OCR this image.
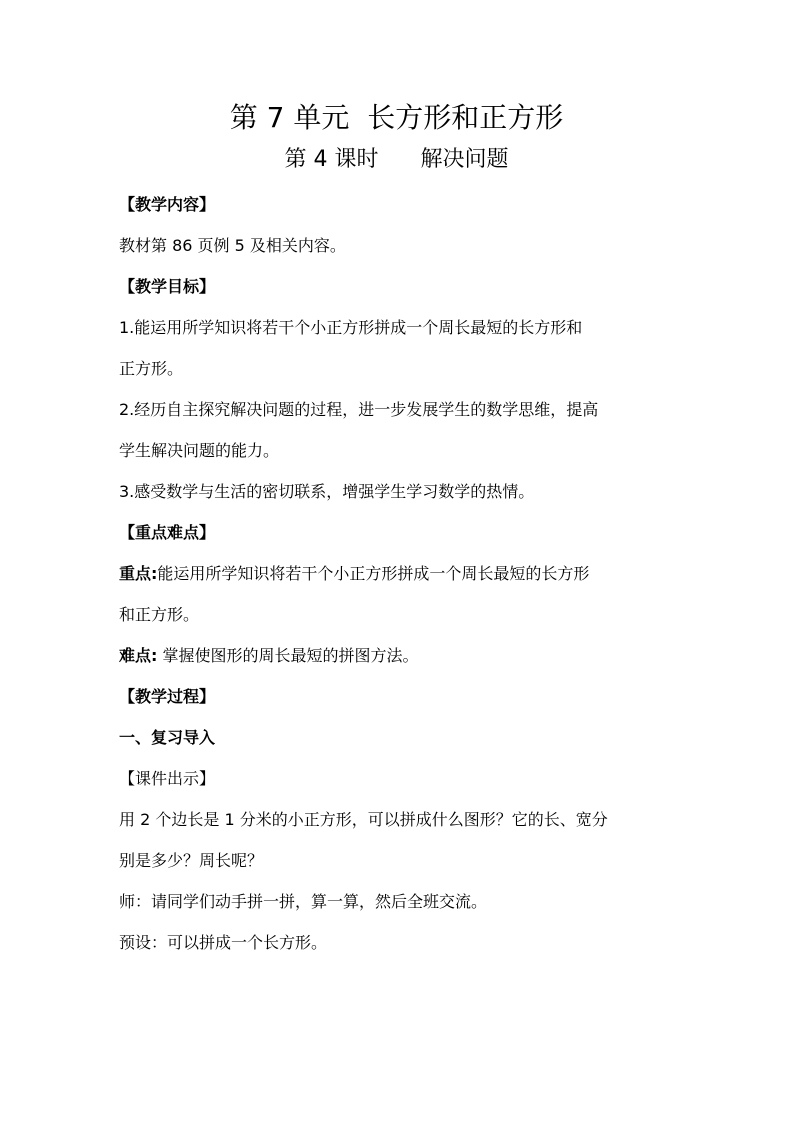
第 7 单元  长方形和正方形
第 4 课时      解决问题
【教学内容】
教材第 86 页例 5 及相关内容。
【教学目标】
1.能运用所学知识将若干个小正方形拼成一个周长最短的长方形和
正方形。
2.经历自主探究解决问题的过程，进一步发展学生的数学思维，提高
学生解决问题的能力。
3.感受数学与生活的密切联系，增强学生学习数学的热情。
【重点难点】
重点:能运用所学知识将若干个小正方形拼成一个周长最短的长方形
和正方形。
难点: 掌握使图形的周长最短的拼图方法。
【教学过程】
一、复习导入
【课件出示】
用 2 个边长是 1 分米的小正方形，可以拼成什么图形？它的长、宽分
别是多少？周长呢？
师：请同学们动手拼一拼，算一算，然后全班交流。
预设：可以拼成一个长方形。
